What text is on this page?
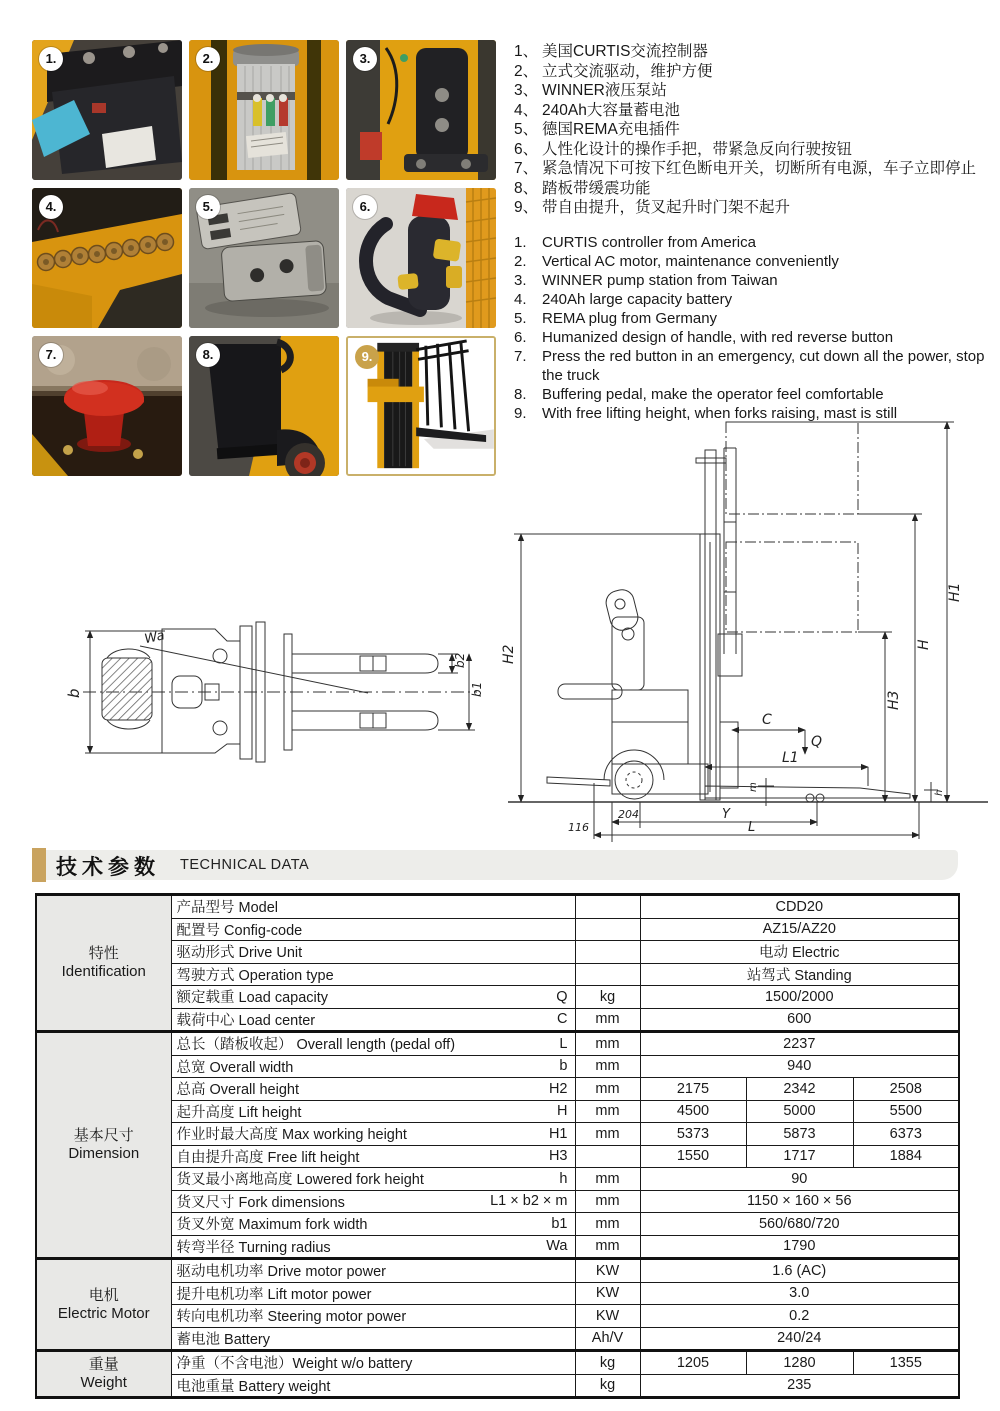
1.	2.	3.
4.	5.	6.
7.	8.	9.
1、 美国CURTIS交流控制器
2、 立式交流驱动，维护方便
3、 WINNER液压泵站
4、 240Ah大容量蓄电池
5、 德国REMA充电插件
6、 人性化设计的操作手把，带紧急反向行驶按钮
7、 紧急情况下可按下红色断电开关，切断所有电源，车子立即停止
8、 踏板带缓震功能
9、 带自由提升，货叉起升时门架不起升
1. CURTIS controller from America
2. Vertical AC motor, maintenance conveniently
3. WINNER pump station from Taiwan
4. 240Ah large capacity battery
5. REMA plug from Germany
6. Humanized design of handle, with red reverse button
7. Press the red button in an emergency, cut down all the power, stop the truck
8. Buffering pedal, make the operator feel comfortable
9. With free lifting height, when forks raising, mast is still
H1
H
H3
H2
C
Q
L1
m
h
204	Y
116	L
b
Wa
b2
b1
技术参数 TECHNICAL DATA
特性
Identification	产品型号 Model		CDD20		
	配置号 Config-code		AZ15/AZ20		
	驱动形式 Drive Unit		电动 Electric		
	驾驶方式 Operation type		站驾式 Standing		
	额定载重 Load capacity Q	kg	1500/2000		
	载荷中心 Load center C	mm	600		

基本尺寸
Dimension
	总长（踏板收起） Overall length (pedal off)	L	mm	2237
	总宽 Overall width b	mm	940		
	总高 Overall height H2	mm	2175	2342	2508
	起升高度 Lift height H	mm	4500	5000	5500
	作业时最大高度 Max working height H1	mm	5373	5873	6373
	自由提升高度 Free lift height H3		1550	1717	1884
	货叉最小离地高度 Lowered fork height h	mm	90		
	货叉尺寸 Fork dimensions L1 × b2 × m	mm	1150 × 160 × 56		
	货叉外宽 Maximum fork width b1	mm	560/680/720		
	转弯半径 Turning radius Wa	mm	1790		

电机
Electric Motor	驱动电机功率 Drive motor power	KW	1.6 (AC)		
	提升电机功率 Lift motor power	KW	3.0		
	转向电机功率 Steering motor power	KW	0.2		
	蓄电池 Battery	Ah/V	240/24		

重量
Weight	净重（不含电池）Weight w/o battery	kg	1205	1280	1355
	电池重量 Battery weight	kg	235		
